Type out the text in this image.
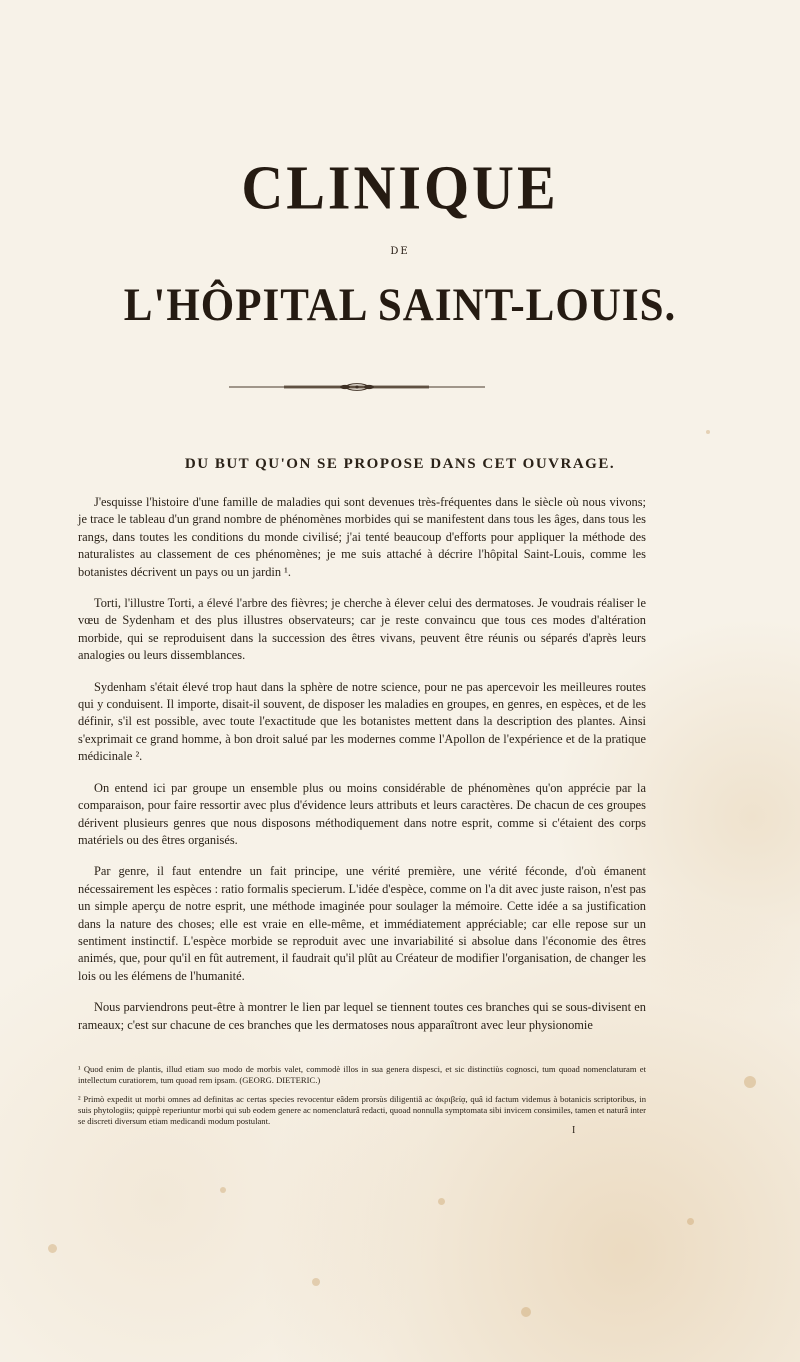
CLINIQUE
DE
L'HÔPITAL SAINT-LOUIS.
DU BUT QU'ON SE PROPOSE DANS CET OUVRAGE.

J'esquisse l'histoire d'une famille de maladies qui sont devenues très-fréquentes dans le siècle où nous vivons; je trace le tableau d'un grand nombre de phénomènes morbides qui se manifestent dans tous les âges, dans tous les rangs, dans toutes les conditions du monde civilisé; j'ai tenté beaucoup d'efforts pour appliquer la méthode des naturalistes au classement de ces phénomènes; je me suis attaché à décrire l'hôpital Saint-Louis, comme les botanistes décrivent un pays ou un jardin ¹.

Torti, l'illustre Torti, a élevé l'arbre des fièvres; je cherche à élever celui des dermatoses. Je voudrais réaliser le vœu de Sydenham et des plus illustres observateurs; car je reste convaincu que tous ces modes d'altération morbide, qui se reproduisent dans la succession des êtres vivans, peuvent être réunis ou séparés d'après leurs analogies ou leurs dissemblances.

Sydenham s'était élevé trop haut dans la sphère de notre science, pour ne pas apercevoir les meilleures routes qui y conduisent. Il importe, disait-il souvent, de disposer les maladies en groupes, en genres, en espèces, et de les définir, s'il est possible, avec toute l'exactitude que les botanistes mettent dans la description des plantes. Ainsi s'exprimait ce grand homme, à bon droit salué par les modernes comme l'Apollon de l'expérience et de la pratique médicinale ².

On entend ici par groupe un ensemble plus ou moins considérable de phénomènes qu'on apprécie par la comparaison, pour faire ressortir avec plus d'évidence leurs attributs et leurs caractères. De chacun de ces groupes dérivent plusieurs genres que nous disposons méthodiquement dans notre esprit, comme si c'étaient des corps matériels ou des êtres organisés.

Par genre, il faut entendre un fait principe, une vérité première, une vérité féconde, d'où émanent nécessairement les espèces : ratio formalis specierum. L'idée d'espèce, comme on l'a dit avec juste raison, n'est pas un simple aperçu de notre esprit, une méthode imaginée pour soulager la mémoire. Cette idée a sa justification dans la nature des choses; elle est vraie en elle-même, et immédiatement appréciable; car elle repose sur un sentiment instinctif. L'espèce morbide se reproduit avec une invariabilité si absolue dans l'économie des êtres animés, que, pour qu'il en fût autrement, il faudrait qu'il plût au Créateur de modifier l'organisation, de changer les lois ou les élémens de l'humanité.

Nous parviendrons peut-être à montrer le lien par lequel se tiennent toutes ces branches qui se sous-divisent en rameaux; c'est sur chacune de ces branches que les dermatoses nous apparaîtront avec leur physionomie

¹ Quod enim de plantis, illud etiam suo modo de morbis valet, commodè illos in sua genera dispesci, et sic distinctiùs cognosci, tum quoad nomenclaturam et intellectum curatiorem, tum quoad rem ipsam. (GEORG. DIETERIC.)
² Primò expedit ut morbi omnes ad definitas ac certas species revocentur eâdem prorsùs diligentiâ ac ἀκριβείᾳ, quâ id factum videmus à botanicis scriptoribus, in suis phytologiis; quippè reperiuntur morbi qui sub eodem genere ac nomenclaturâ redacti, quoad nonnulla symptomata sibi invicem consimiles, tamen et naturâ inter se discreti diversum etiam medicandi modum postulant.
I
